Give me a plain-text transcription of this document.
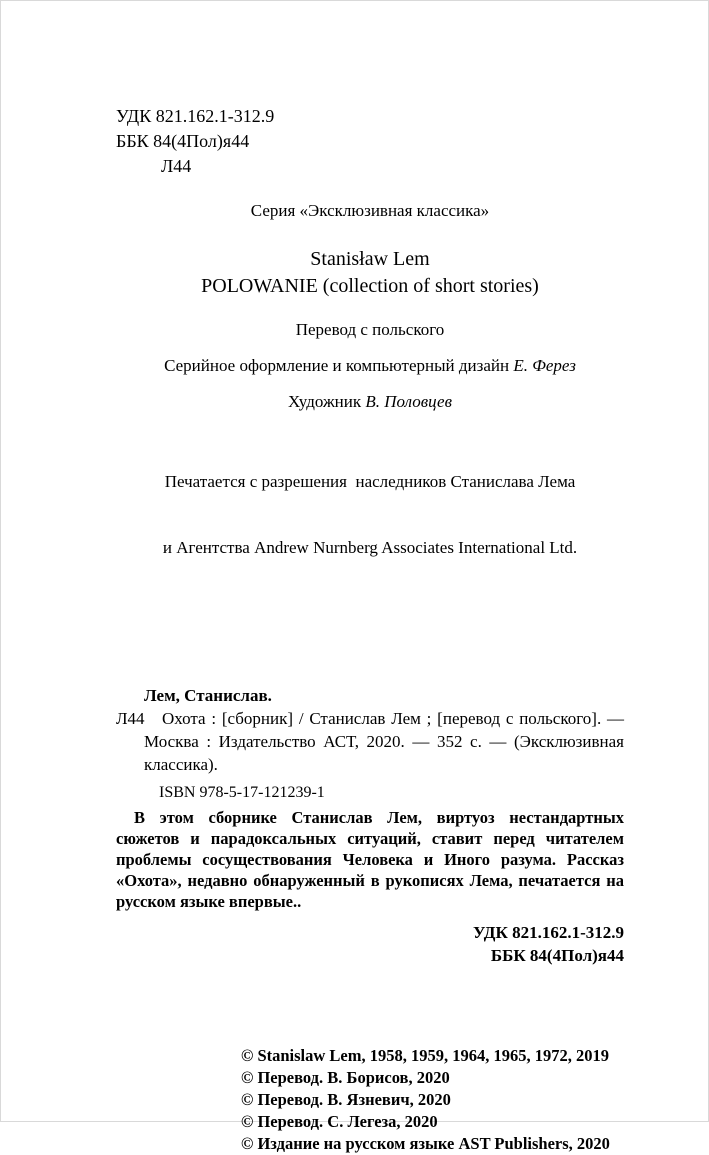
УДК 821.162.1-312.9
ББК 84(4Пол)я44
Л44
Серия «Эксклюзивная классика»
Stanisław Lem
POLOWANIE (collection of short stories)
Перевод с польского
Серийное оформление и компьютерный дизайн Е. Ферез
Художник В. Половцев

Печатается с разрешения  наследников Станислава Лема

и Агентства Andrew Nurnberg Associates International Ltd.

Лем, Станислав.
Л44 Охота : [сборник] / Станислав Лем ; [перевод с польского]. — Москва : Издательство АСТ, 2020. — 352 с. — (Эксклюзивная классика).
ISBN 978-5-17-121239-1
В этом сборнике Станислав Лем, виртуоз нестандартных сюжетов и парадоксальных ситуаций, ставит перед читателем проблемы сосуществования Человека и Иного разума. Рассказ «Охота», недавно обнаруженный в рукописях Лема, печатается на русском языке впервые..
УДК 821.162.1-312.9
ББК 84(4Пол)я44
© Stanislaw Lem, 1958, 1959, 1964, 1965, 1972, 2019
© Перевод. В. Борисов, 2020
© Перевод. В. Язневич, 2020
© Перевод. С. Легеза, 2020
© Издание на русском языке AST Publishers, 2020
